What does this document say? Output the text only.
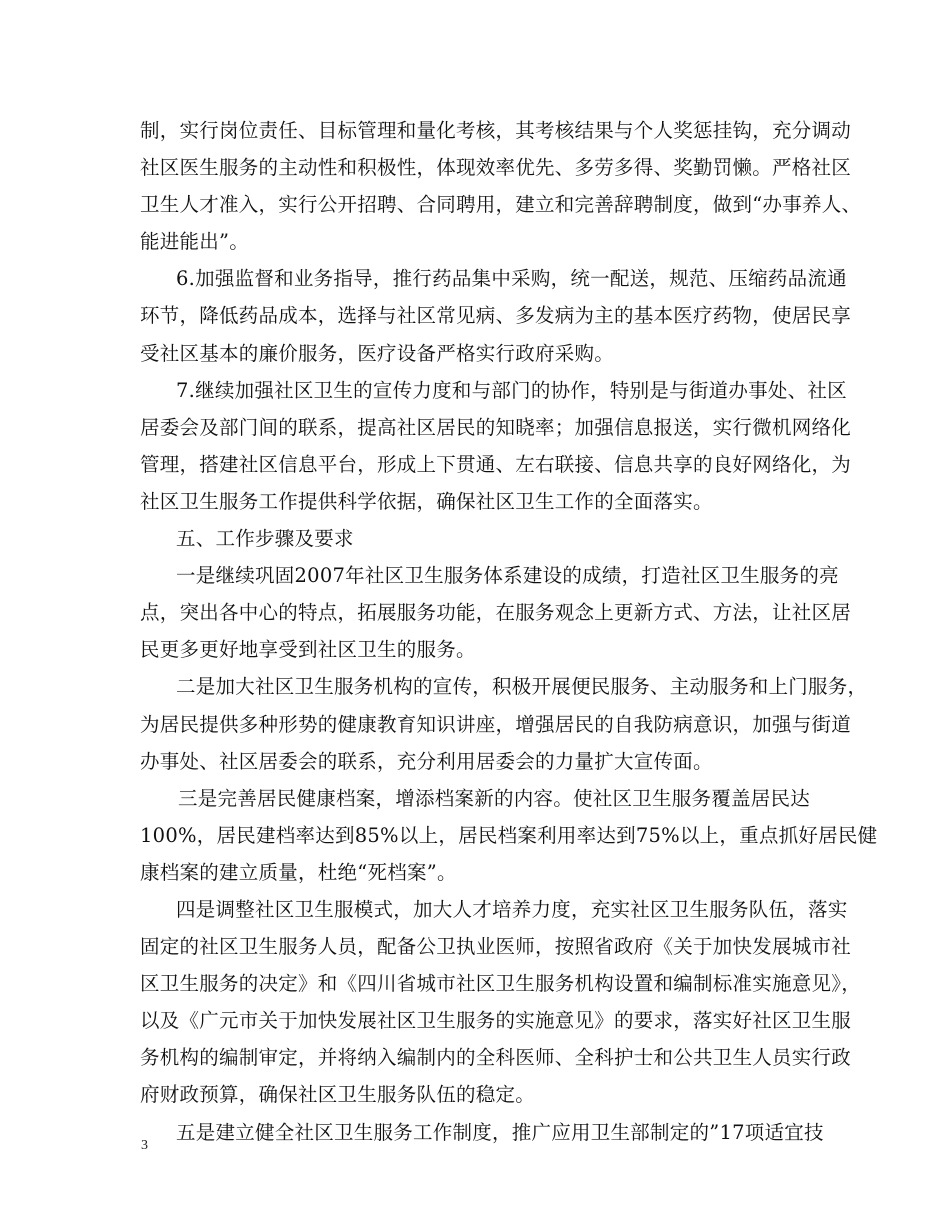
制，实行岗位责任、目标管理和量化考核，其考核结果与个人奖惩挂钩，充分调动
社区医生服务的主动性和积极性，体现效率优先、多劳多得、奖勤罚懒。严格社区
卫生人才准入，实行公开招聘、合同聘用，建立和完善辞聘制度，做到“办事养人、
能进能出”。
6.加强监督和业务指导，推行药品集中采购，统一配送，规范、压缩药品流通
环节，降低药品成本，选择与社区常见病、多发病为主的基本医疗药物，使居民享
受社区基本的廉价服务，医疗设备严格实行政府采购。
7.继续加强社区卫生的宣传力度和与部门的协作，特别是与街道办事处、社区
居委会及部门间的联系，提高社区居民的知晓率；加强信息报送，实行微机网络化
管理，搭建社区信息平台，形成上下贯通、左右联接、信息共享的良好网络化，为
社区卫生服务工作提供科学依据，确保社区卫生工作的全面落实。
五、工作步骤及要求
一是继续巩固2007年社区卫生服务体系建设的成绩，打造社区卫生服务的亮
点，突出各中心的特点，拓展服务功能，在服务观念上更新方式、方法，让社区居
民更多更好地享受到社区卫生的服务。
二是加大社区卫生服务机构的宣传，积极开展便民服务、主动服务和上门服务，
为居民提供多种形势的健康教育知识讲座，增强居民的自我防病意识，加强与街道
办事处、社区居委会的联系，充分利用居委会的力量扩大宣传面。
三是完善居民健康档案，增添档案新的内容。使社区卫生服务覆盖居民达
100%，居民建档率达到85%以上，居民档案利用率达到75%以上，重点抓好居民健
康档案的建立质量，杜绝“死档案”。
四是调整社区卫生服模式，加大人才培养力度，充实社区卫生服务队伍，落实
固定的社区卫生服务人员，配备公卫执业医师，按照省政府《关于加快发展城市社
区卫生服务的决定》和《四川省城市社区卫生服务机构设置和编制标准实施意见》，
以及《广元市关于加快发展社区卫生服务的实施意见》的要求，落实好社区卫生服
务机构的编制审定，并将纳入编制内的全科医师、全科护士和公共卫生人员实行政
府财政预算，确保社区卫生服务队伍的稳定。
五是建立健全社区卫生服务工作制度，推广应用卫生部制定的”17项适宜技
3
